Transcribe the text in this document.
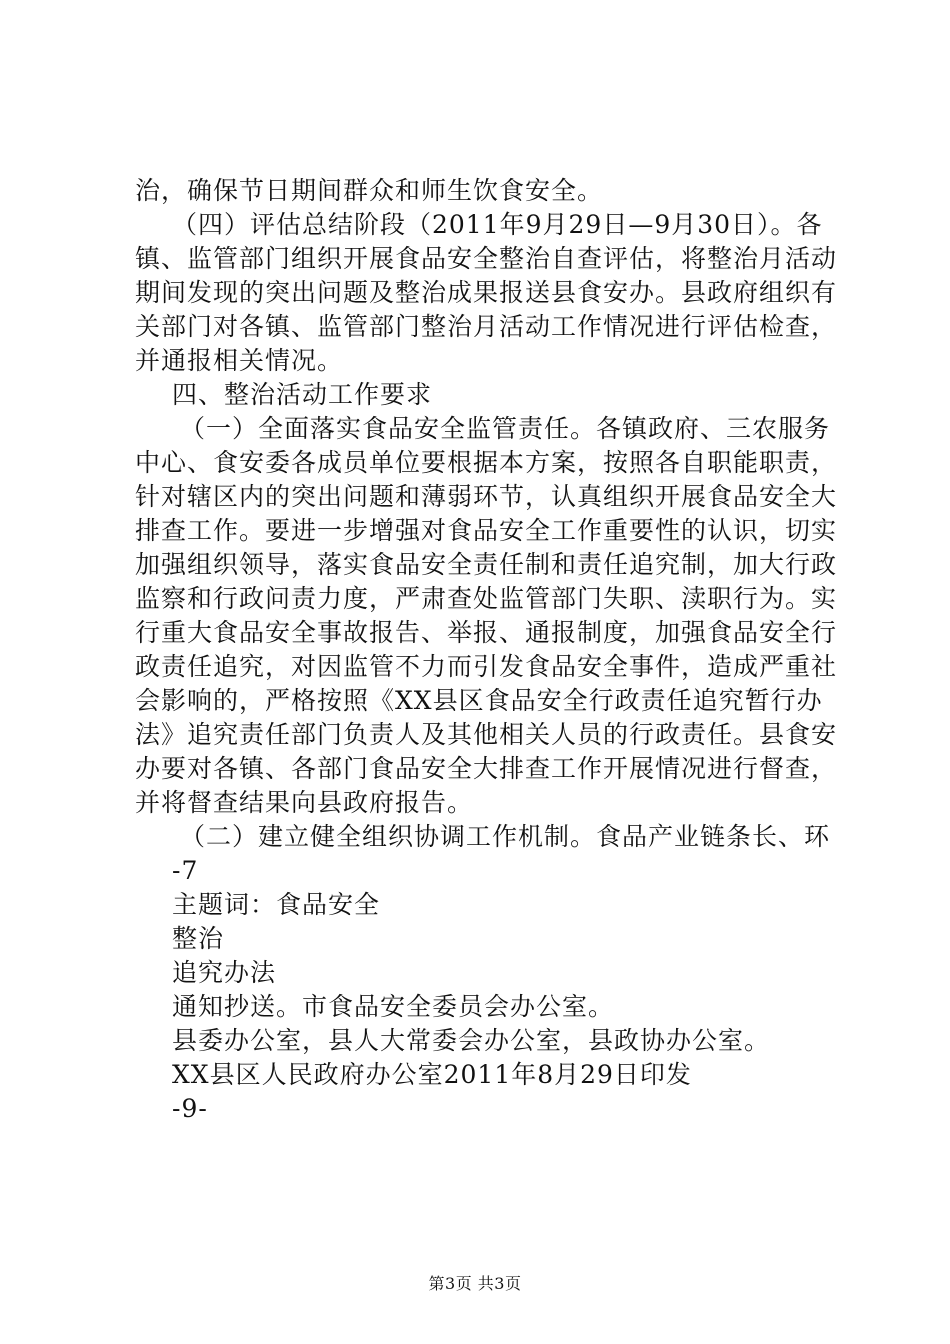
治，确保节日期间群众和师生饮食安全。
（四）评估总结阶段（2011年9月29日—9月30日）。各
镇、监管部门组织开展食品安全整治自查评估，将整治月活动
期间发现的突出问题及整治成果报送县食安办。县政府组织有
关部门对各镇、监管部门整治月活动工作情况进行评估检查，
并通报相关情况。
四、整治活动工作要求
（一）全面落实食品安全监管责任。各镇政府、三农服务
中心、食安委各成员单位要根据本方案，按照各自职能职责，
针对辖区内的突出问题和薄弱环节，认真组织开展食品安全大
排查工作。要进一步增强对食品安全工作重要性的认识，切实
加强组织领导，落实食品安全责任制和责任追究制，加大行政
监察和行政问责力度，严肃查处监管部门失职、渎职行为。实
行重大食品安全事故报告、举报、通报制度，加强食品安全行
政责任追究，对因监管不力而引发食品安全事件，造成严重社
会影响的，严格按照《XX县区食品安全行政责任追究暂行办
法》追究责任部门负责人及其他相关人员的行政责任。县食安
办要对各镇、各部门食品安全大排查工作开展情况进行督查，
并将督查结果向县政府报告。
（二）建立健全组织协调工作机制。食品产业链条长、环
-7
主题词：食品安全
整治
追究办法
通知抄送。市食品安全委员会办公室。
县委办公室，县人大常委会办公室，县政协办公室。
XX县区人民政府办公室2011年8月29日印发
-9-
第3页 共3页
